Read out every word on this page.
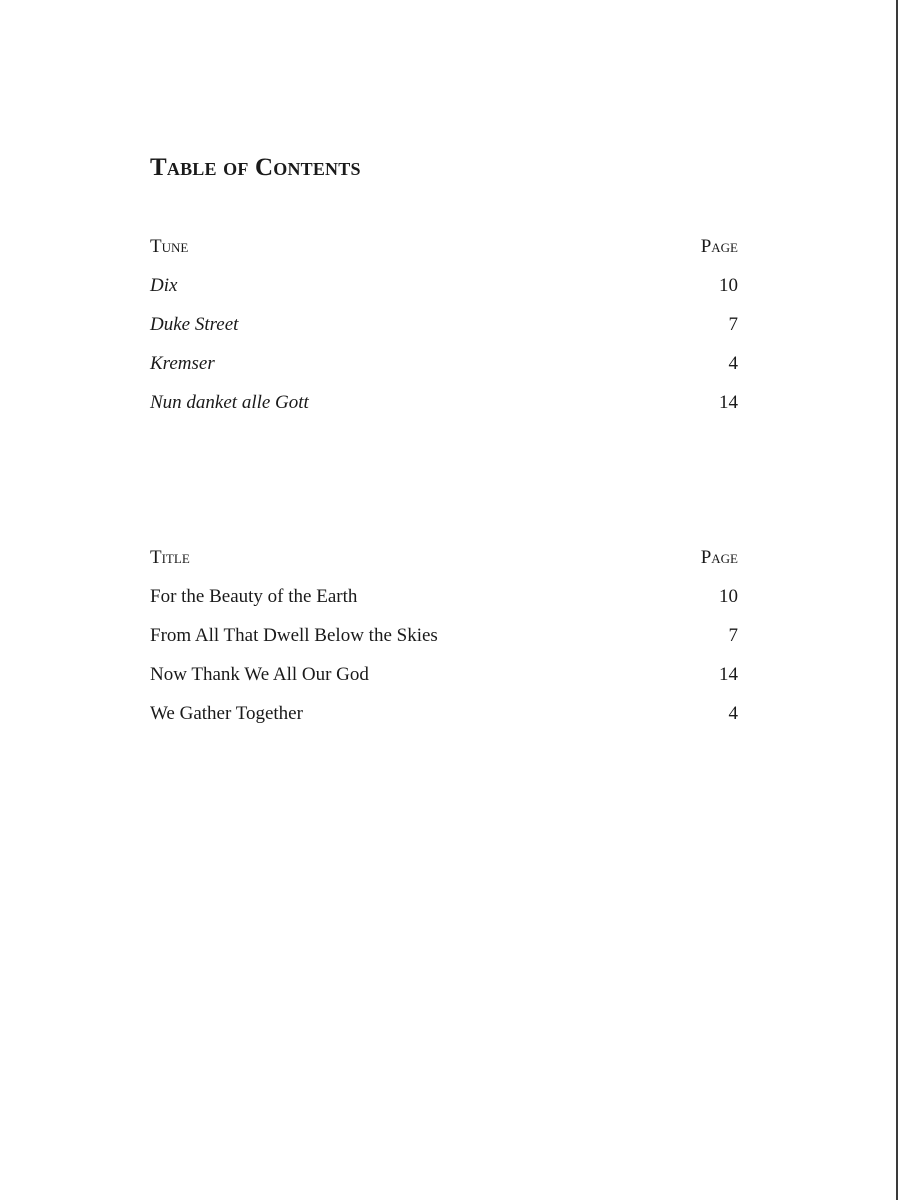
Table of Contents
Tune	Page
Dix	10
Duke Street	7
Kremser	4
Nun danket alle Gott	14
Title	Page
For the Beauty of the Earth	10
From All That Dwell Below the Skies	7
Now Thank We All Our God	14
We Gather Together	4
